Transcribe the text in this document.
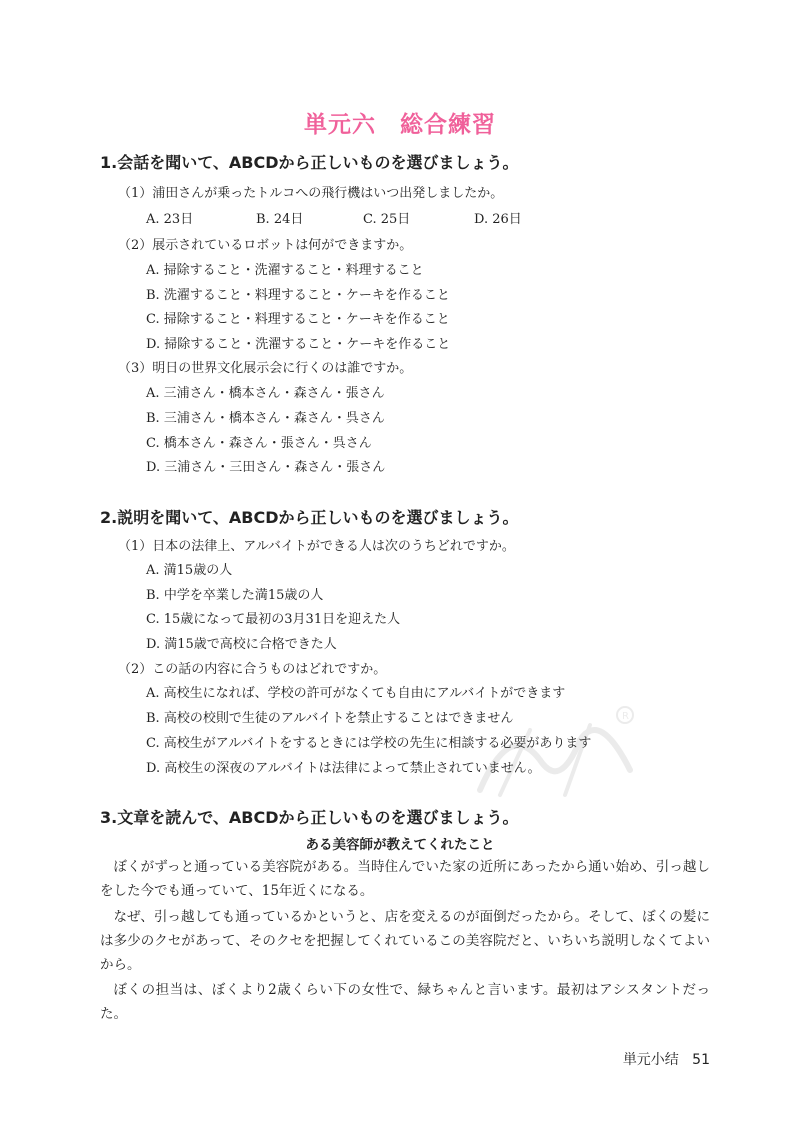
単元六　総合練習
1.会話を聞いて、ABCDから正しいものを選びましょう。
（1）浦田さんが乗ったトルコへの飛行機はいつ出発しましたか。
A. 23日	B. 24日	C. 25日	D. 26日
（2）展示されているロボットは何ができますか。
A. 掃除すること・洗濯すること・料理すること
B. 洗濯すること・料理すること・ケーキを作ること
C. 掃除すること・料理すること・ケーキを作ること
D. 掃除すること・洗濯すること・ケーキを作ること
（3）明日の世界文化展示会に行くのは誰ですか。
A. 三浦さん・橋本さん・森さん・張さん
B. 三浦さん・橋本さん・森さん・呉さん
C. 橋本さん・森さん・張さん・呉さん
D. 三浦さん・三田さん・森さん・張さん
2.説明を聞いて、ABCDから正しいものを選びましょう。
（1）日本の法律上、アルバイトができる人は次のうちどれですか。
A. 満15歳の人
B. 中学を卒業した満15歳の人
C. 15歳になって最初の3月31日を迎えた人
D. 満15歳で高校に合格できた人
（2）この話の内容に合うものはどれですか。
A. 高校生になれば、学校の許可がなくても自由にアルバイトができます
B. 高校の校則で生徒のアルバイトを禁止することはできません
C. 高校生がアルバイトをするときには学校の先生に相談する必要があります
D. 高校生の深夜のアルバイトは法律によって禁止されていません。
R
3.文章を読んで、ABCDから正しいものを選びましょう。
ある美容師が教えてくれたこと
ぼくがずっと通っている美容院がある。当時住んでいた家の近所にあったから通い始め、引っ越しをした今でも通っていて、15年近くになる。
なぜ、引っ越しても通っているかというと、店を変えるのが面倒だったから。そして、ぼくの髪には多少のクセがあって、そのクセを把握してくれているこの美容院だと、いちいち説明しなくてよいから。
ぼくの担当は、ぼくより2歳くらい下の女性で、緑ちゃんと言います。最初はアシスタントだった。

単元小结 51
